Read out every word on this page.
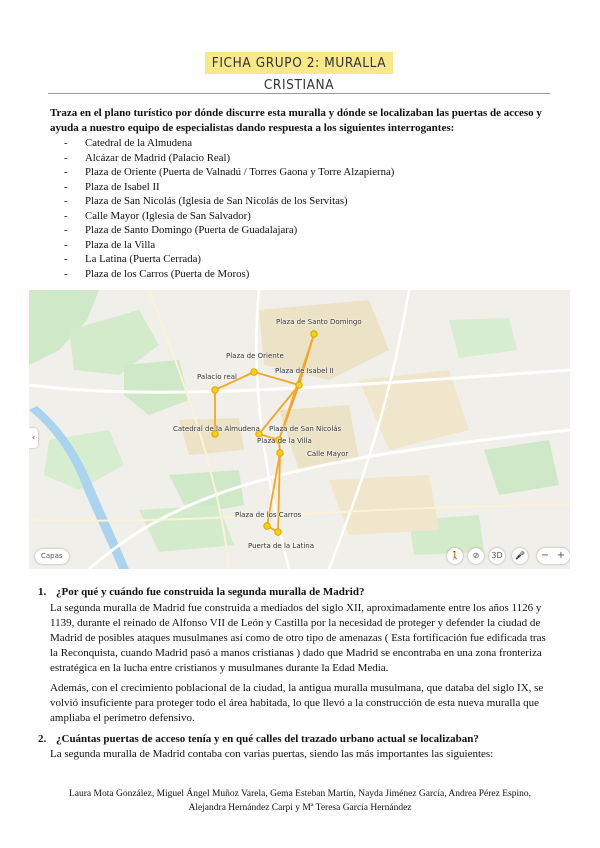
FICHA GRUPO 2: MURALLA CRISTIANA
Traza en el plano turístico por dónde discurre esta muralla y dónde se localizaban las puertas de acceso y ayuda a nuestro equipo de especialistas dando respuesta a los siguientes interrogantes:
- Catedral de la Almudena
- Alcázar de Madrid (Palacio Real)
- Plaza de Oriente (Puerta de Valnadú / Torres Gaona y Torre Alzapierna)
- Plaza de Isabel II
- Plaza de San Nicolás (Iglesia de San Nicolás de los Servitas)
- Calle Mayor (Iglesia de San Salvador)
- Plaza de Santo Domingo (Puerta de Guadalajara)
- Plaza de la Villa
- La Latina (Puerta Cerrada)
- Plaza de los Carros (Puerta de Moros)
Plaza de Santo Domingo
Plaza de Oriente
Palacio real
Plaza de Isabel II
Catedral de la Almudena Plaza de San Nicolás
Plaza de la Villa
Calle Mayor
Plaza de los Carros
Puerta de la Latina
‹
Capas	🚶	⊘	3D	🎤	− +
1. ¿Por qué y cuándo fue construida la segunda muralla de Madrid?
La segunda muralla de Madrid fue construida a mediados del siglo XII, aproximadamente entre los años 1126 y 1139, durante el reinado de Alfonso VII de León y Castilla por la necesidad de proteger y defender la ciudad de Madrid de posibles ataques musulmanes así como de otro tipo de amenazas ( Esta fortificación fue edificada tras la Reconquista, cuando Madrid pasó a manos cristianas ) dado que Madrid se encontraba en una zona fronteriza estratégica en la lucha entre cristianos y musulmanes durante la Edad Media.
Además, con el crecimiento poblacional de la ciudad, la antigua muralla musulmana, que databa del siglo IX, se volvió insuficiente para proteger todo el área habitada, lo que llevó a la construcción de esta nueva muralla que ampliaba el perímetro defensivo.
2. ¿Cuántas puertas de acceso tenía y en qué calles del trazado urbano actual se localizaban?
La segunda muralla de Madrid contaba con varias puertas, siendo las más importantes las siguientes:
Laura Mota González, Miguel Ángel Muñoz Varela, Gema Esteban Martín, Nayda Jiménez García, Andrea Pérez Espino,
Alejandra Hernández Carpi y Mª Teresa García Hernández
